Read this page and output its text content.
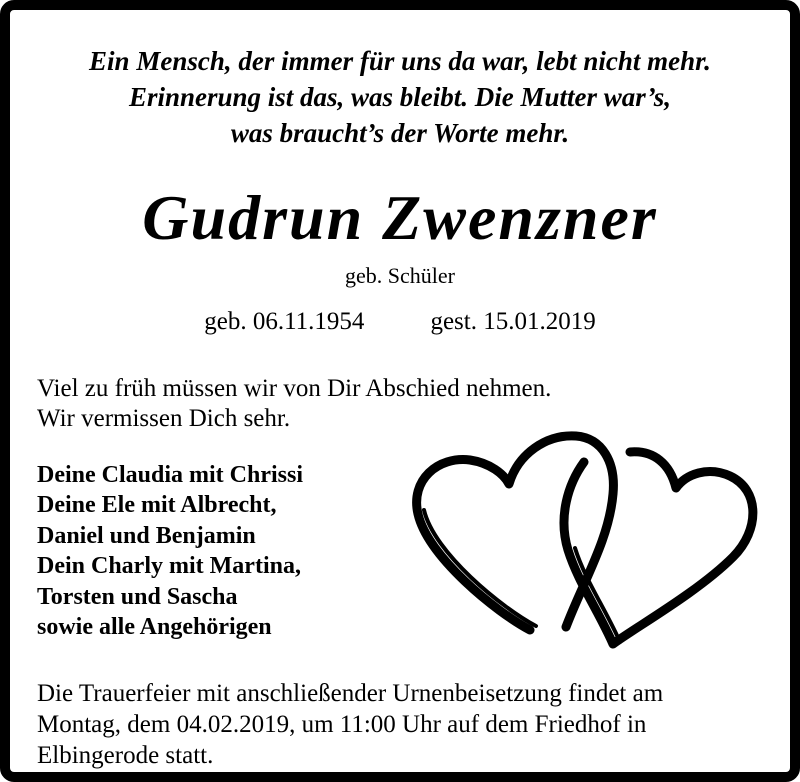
Ein Mensch, der immer für uns da war, lebt nicht mehr.
Erinnerung ist das, was bleibt. Die Mutter war’s,
was braucht’s der Worte mehr.
Gudrun Zwenzner
geb. Schüler
geb. 06.11.1954	gest. 15.01.2019
Viel zu früh müssen wir von Dir Abschied nehmen.
Wir vermissen Dich sehr.
Deine Claudia mit Chrissi
Deine Ele mit Albrecht,
Daniel und Benjamin
Dein Charly mit Martina,
Torsten und Sascha
sowie alle Angehörigen
Die Trauerfeier mit anschließender Urnenbeisetzung findet am
Montag, dem 04.02.2019, um 11:00 Uhr auf dem Friedhof in
Elbingerode statt.
